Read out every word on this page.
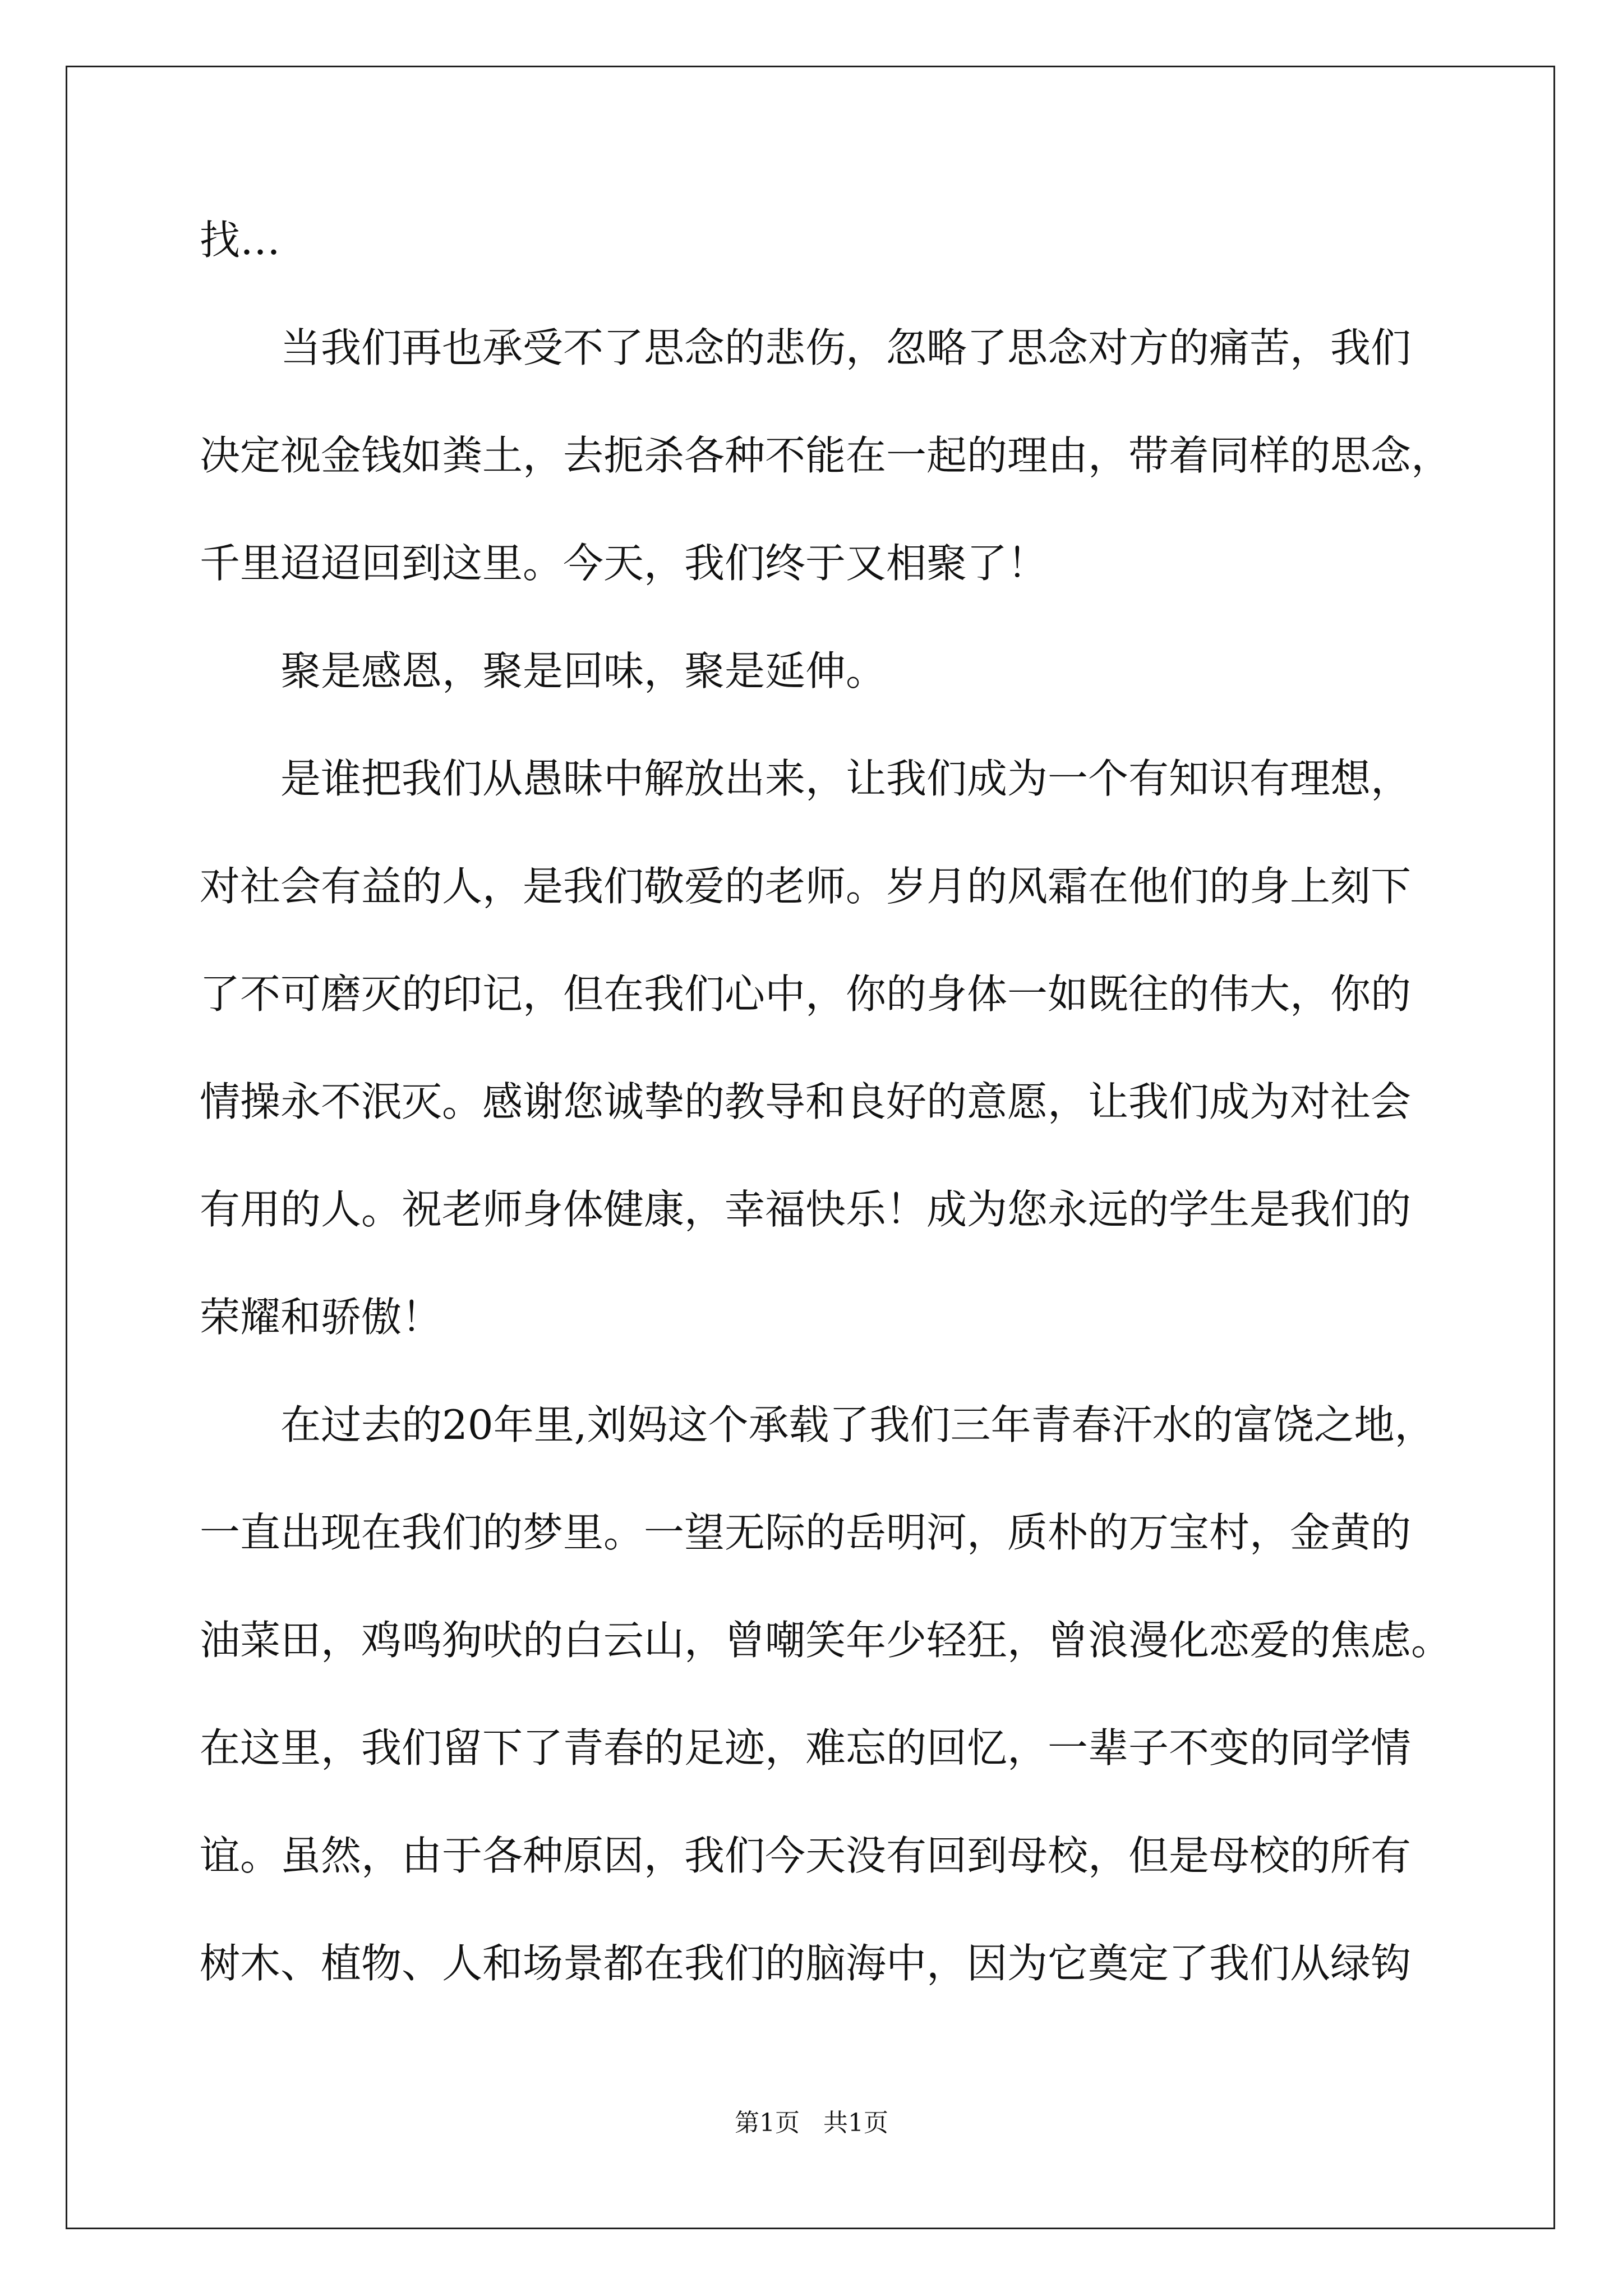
找…
当我们再也承受不了思念的悲伤，忽略了思念对方的痛苦，我们
决定视金钱如粪土，去扼杀各种不能在一起的理由，带着同样的思念，
千里迢迢回到这里。今天，我们终于又相聚了！
聚是感恩，聚是回味，聚是延伸。
是谁把我们从愚昧中解放出来，让我们成为一个有知识有理想，
对社会有益的人，是我们敬爱的老师。岁月的风霜在他们的身上刻下
了不可磨灭的印记，但在我们心中，你的身体一如既往的伟大，你的
情操永不泯灭。感谢您诚挚的教导和良好的意愿，让我们成为对社会
有用的人。祝老师身体健康，幸福快乐！成为您永远的学生是我们的
荣耀和骄傲！
在过去的20年里,刘妈这个承载了我们三年青春汗水的富饶之地，
一直出现在我们的梦里。一望无际的岳明河，质朴的万宝村，金黄的
油菜田，鸡鸣狗吠的白云山，曾嘲笑年少轻狂，曾浪漫化恋爱的焦虑。
在这里，我们留下了青春的足迹，难忘的回忆，一辈子不变的同学情
谊。虽然，由于各种原因，我们今天没有回到母校，但是母校的所有
树木、植物、人和场景都在我们的脑海中，因为它奠定了我们从绿钩
第1页   共1页
